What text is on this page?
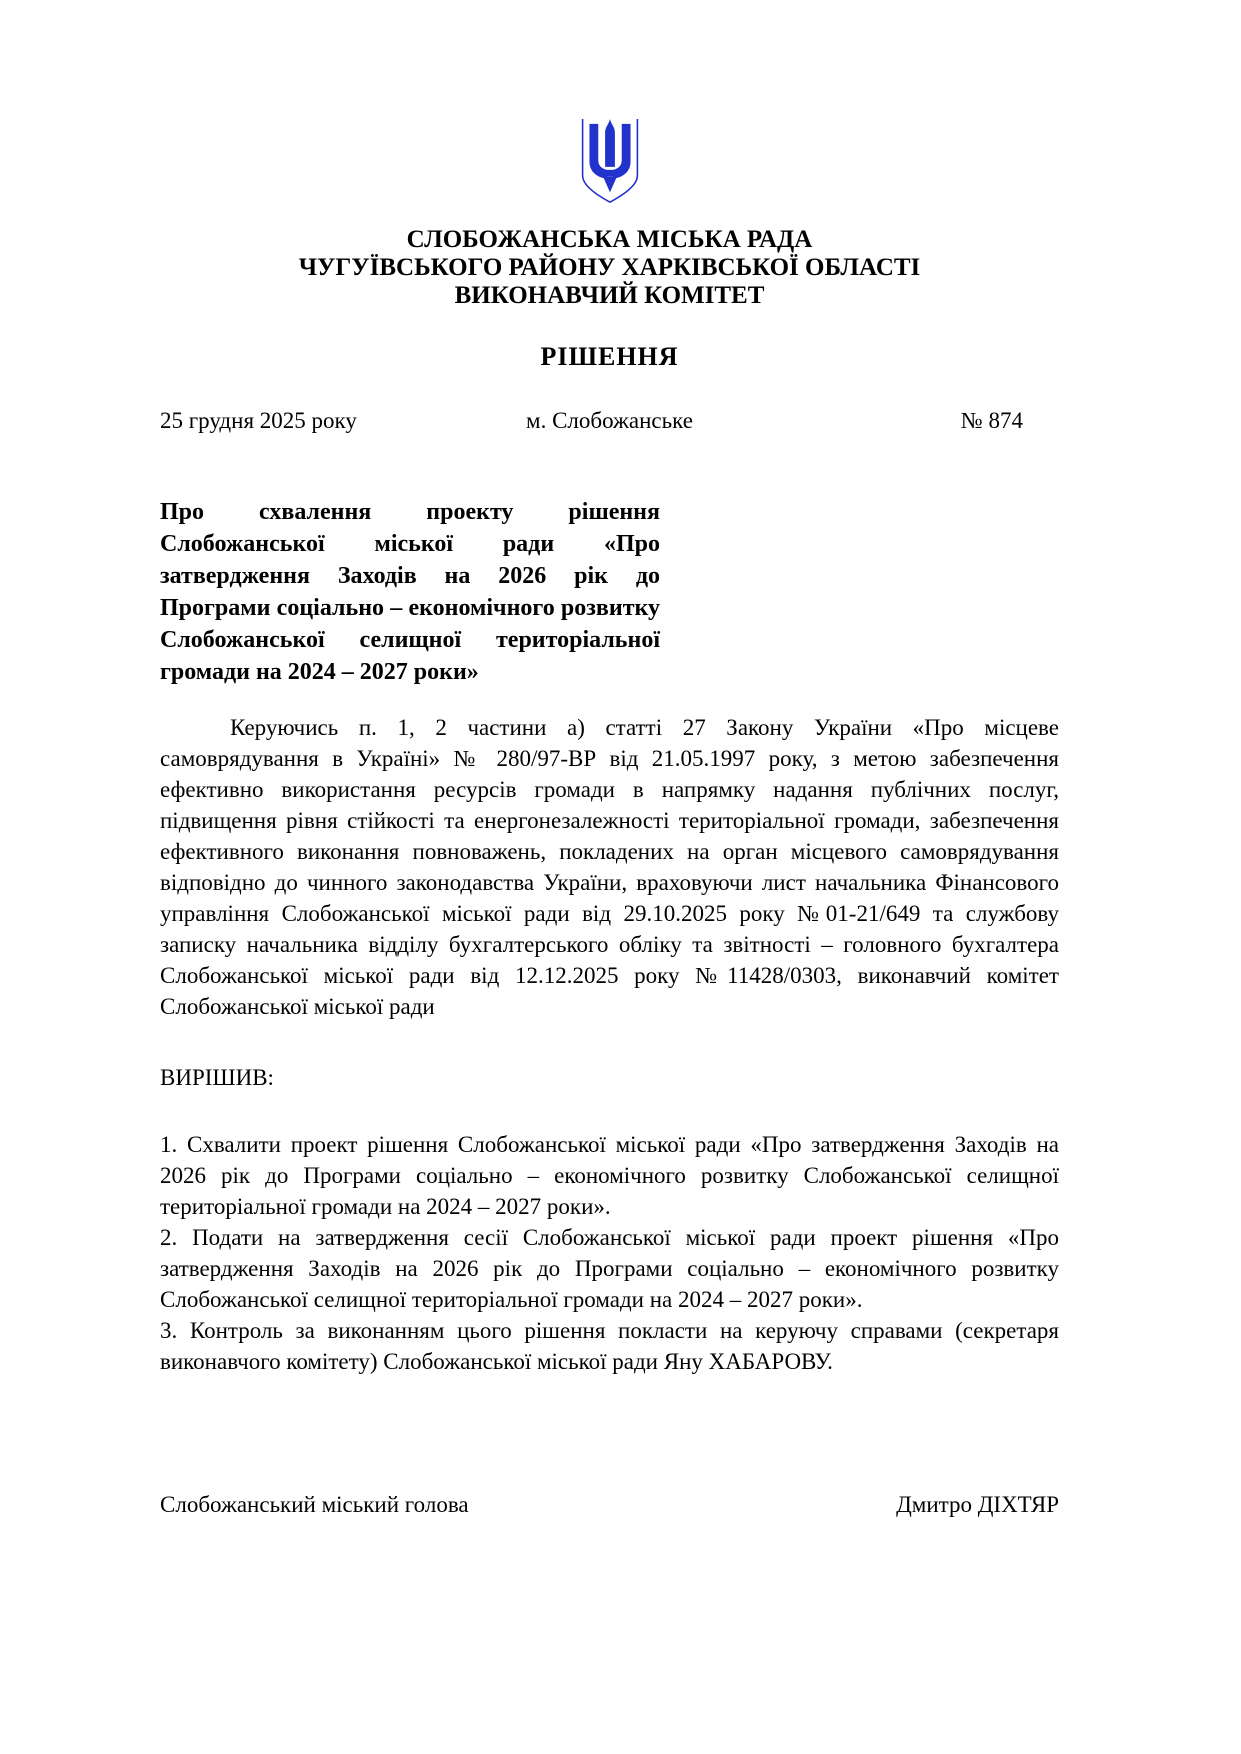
СЛОБОЖАНСЬКА МІСЬКА РАДА
ЧУГУЇВСЬКОГО РАЙОНУ ХАРКІВСЬКОЇ ОБЛАСТІ
ВИКОНАВЧИЙ КОМІТЕТ
РІШЕННЯ
25 грудня 2025 року	м. Слобожанське	№ 874
Про схвалення проекту рішення Слобожанської міської ради «Про затвердження Заходів на 2026 рік до Програми соціально – економічного розвитку Слобожанської селищної територіальної громади на 2024 – 2027 роки»

Керуючись п. 1, 2 частини а) статті 27 Закону України «Про місцеве самоврядування в Україні» № 280/97-ВР від 21.05.1997 року, з метою забезпечення ефективно використання ресурсів громади в напрямку надання публічних послуг, підвищення рівня стійкості та енергонезалежності територіальної громади, забезпечення ефективного виконання повноважень, покладених на орган місцевого самоврядування відповідно до чинного законодавства України, враховуючи лист начальника Фінансового управління Слобожанської міської ради від 29.10.2025 року №01-21/649 та службову записку начальника відділу бухгалтерського обліку та звітності – головного бухгалтера Слобожанської міської ради від 12.12.2025 року №11428/0303, виконавчий комітет Слобожанської міської ради

ВИРІШИВ:

1. Схвалити проект рішення Слобожанської міської ради «Про затвердження Заходів на 2026 рік до Програми соціально – економічного розвитку Слобожанської селищної територіальної громади на 2024 – 2027 роки».

2. Подати на затвердження сесії Слобожанської міської ради проект рішення «Про затвердження Заходів на 2026 рік до Програми соціально – економічного розвитку Слобожанської селищної територіальної громади на 2024 – 2027 роки».

3. Контроль за виконанням цього рішення покласти на керуючу справами (секретаря виконавчого комітету) Слобожанської міської ради Яну ХАБАРОВУ.

Слобожанський міський голова	Дмитро ДІХТЯР
